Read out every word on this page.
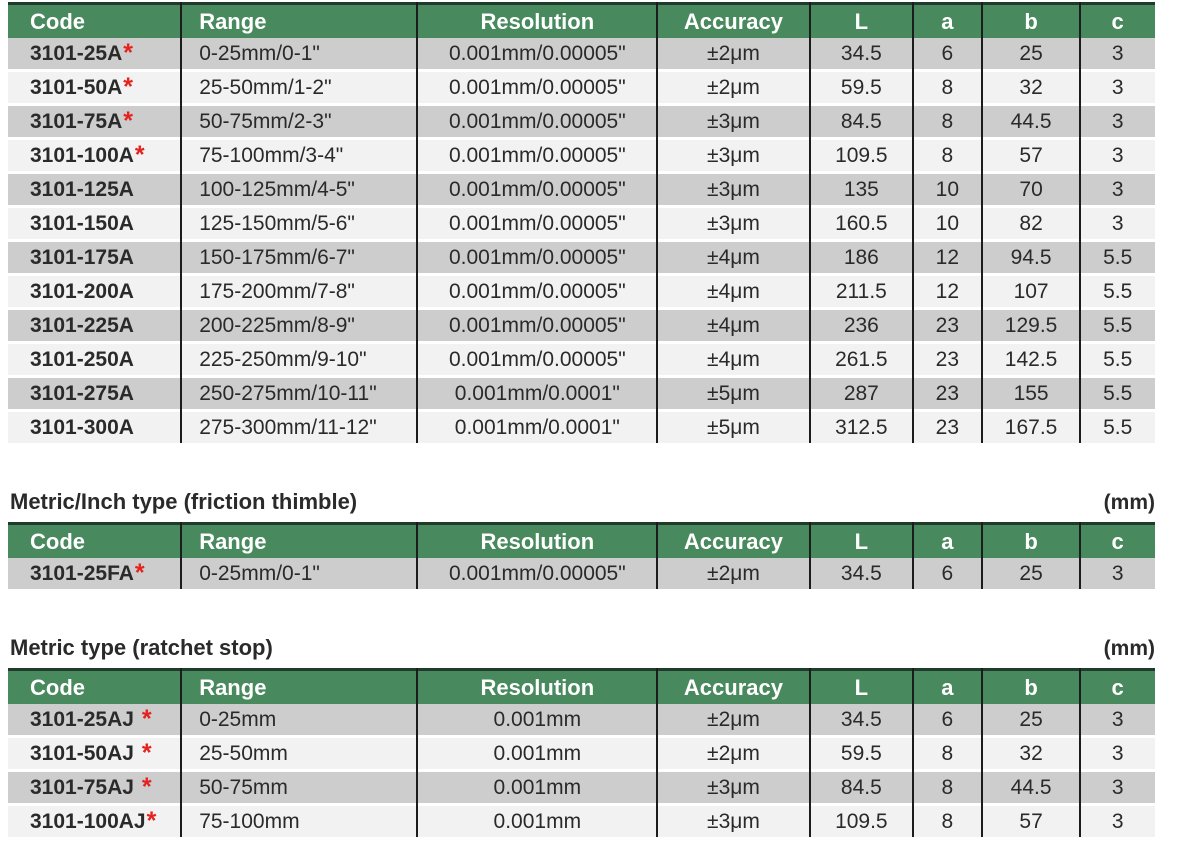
Code	Range	Resolution	Accuracy	L	a	b	c
3101-25A *	0-25mm/0-1"	0.001mm/0.00005"	±2μm	34.5	6	25	3
3101-50A *	25-50mm/1-2"	0.001mm/0.00005"	±2μm	59.5	8	32	3
3101-75A *	50-75mm/2-3"	0.001mm/0.00005"	±3μm	84.5	8	44.5	3
3101-100A *	75-100mm/3-4"	0.001mm/0.00005"	±3μm	109.5	8	57	3
3101-125A	100-125mm/4-5"	0.001mm/0.00005"	±3μm	135	10	70	3
3101-150A	125-150mm/5-6"	0.001mm/0.00005"	±3μm	160.5	10	82	3
3101-175A	150-175mm/6-7"	0.001mm/0.00005"	±4μm	186	12	94.5	5.5
3101-200A	175-200mm/7-8"	0.001mm/0.00005"	±4μm	211.5	12	107	5.5
3101-225A	200-225mm/8-9"	0.001mm/0.00005"	±4μm	236	23	129.5	5.5
3101-250A	225-250mm/9-10"	0.001mm/0.00005"	±4μm	261.5	23	142.5	5.5
3101-275A	250-275mm/10-11"	0.001mm/0.0001"	±5μm	287	23	155	5.5
3101-300A	275-300mm/11-12"	0.001mm/0.0001"	±5μm	312.5	23	167.5	5.5
Metric/Inch type (friction thimble)	(mm)
Code	Range	Resolution	Accuracy	L	a	b	c
3101-25FA *	0-25mm/0-1"	0.001mm/0.00005"	±2μm	34.5	6	25	3
Metric type (ratchet stop)	(mm)
Code	Range	Resolution	Accuracy	L	a	b	c
3101-25AJ *	0-25mm	0.001mm	±2μm	34.5	6	25	3
3101-50AJ *	25-50mm	0.001mm	±2μm	59.5	8	32	3
3101-75AJ *	50-75mm	0.001mm	±3μm	84.5	8	44.5	3
3101-100AJ *	75-100mm	0.001mm	±3μm	109.5	8	57	3
